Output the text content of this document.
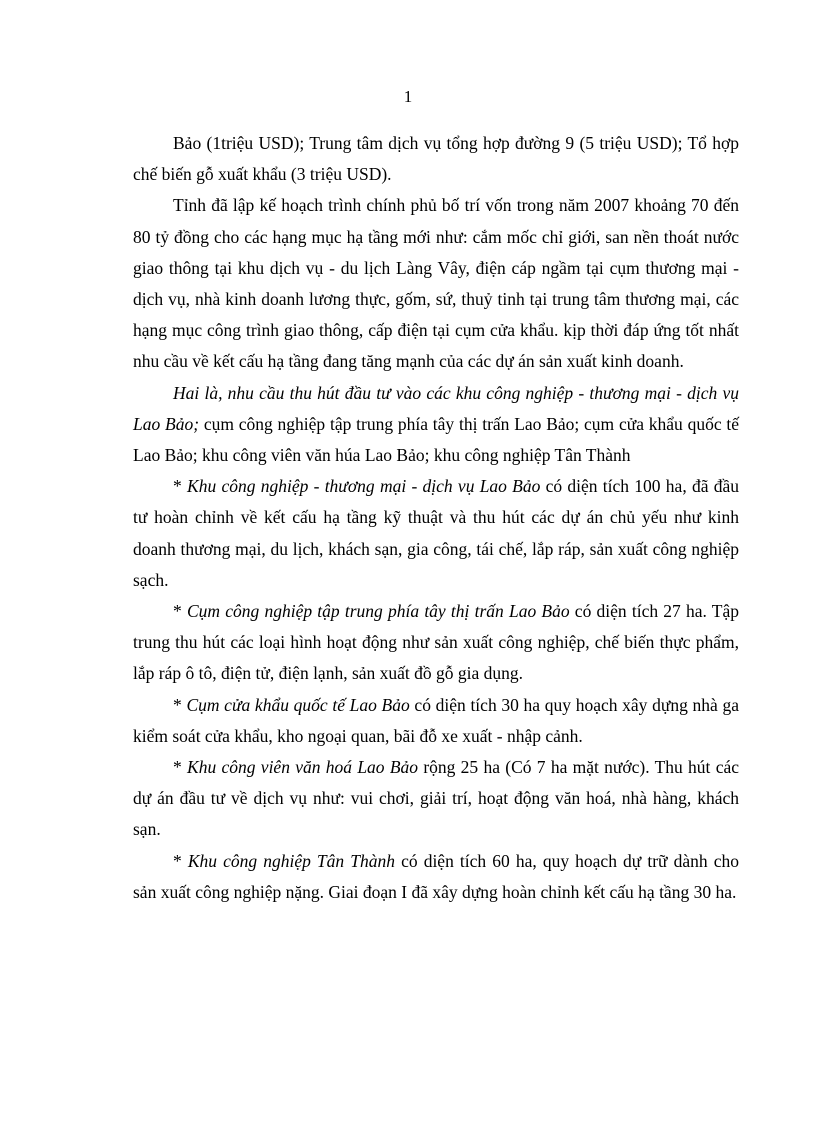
1

Bảo (1triệu USD); Trung tâm dịch vụ tổng hợp đường 9 (5 triệu USD); Tổ hợp chế biến gỗ xuất khẩu (3 triệu USD).

Tỉnh đã lập kế hoạch trình chính phủ bố trí vốn trong năm 2007 khoảng 70 đến 80 tỷ đồng cho các hạng mục hạ tầng mới như: cắm mốc chỉ giới, san nền thoát nước giao thông tại khu dịch vụ - du lịch Làng Vây, điện cáp ngầm tại cụm thương mại - dịch vụ, nhà kinh doanh lương thực, gốm, sứ, thuỷ tinh tại trung tâm thương mại, các hạng mục công trình giao thông, cấp điện tại cụm cửa khẩu. kịp thời đáp ứng tốt nhất nhu cầu về kết cấu hạ tầng đang tăng mạnh của các dự án sản xuất kinh doanh.

Hai là, nhu cầu thu hút đầu tư vào các khu công nghiệp - thương mại - dịch vụ Lao Bảo; cụm công nghiệp tập trung phía tây thị trấn Lao Bảo; cụm cửa khẩu quốc tế Lao Bảo; khu công viên văn húa Lao Bảo; khu công nghiệp Tân Thành

* Khu công nghiệp - thương mại - dịch vụ Lao Bảo có diện tích 100 ha, đã đầu tư hoàn chỉnh về kết cấu hạ tầng kỹ thuật và thu hút các dự án chủ yếu như kinh doanh thương mại, du lịch, khách sạn, gia công, tái chế, lắp ráp, sản xuất công nghiệp sạch.

* Cụm công nghiệp tập trung phía tây thị trấn Lao Bảo có diện tích 27 ha. Tập trung thu hút các loại hình hoạt động như sản xuất công nghiệp, chế biến thực phẩm, lắp ráp ô tô, điện tử, điện lạnh, sản xuất đồ gỗ gia dụng.

* Cụm cửa khẩu quốc tế Lao Bảo có diện tích 30 ha quy hoạch xây dựng nhà ga kiểm soát cửa khẩu, kho ngoại quan, bãi đỗ xe xuất - nhập cảnh.

* Khu công viên văn hoá Lao Bảo rộng 25 ha (Có 7 ha mặt nước). Thu hút các dự án đầu tư về dịch vụ như: vui chơi, giải trí, hoạt động văn hoá, nhà hàng, khách sạn.

* Khu công nghiệp Tân Thành có diện tích 60 ha, quy hoạch dự trữ dành cho sản xuất công nghiệp nặng. Giai đoạn I đã xây dựng hoàn chỉnh kết cấu hạ tầng 30 ha.
